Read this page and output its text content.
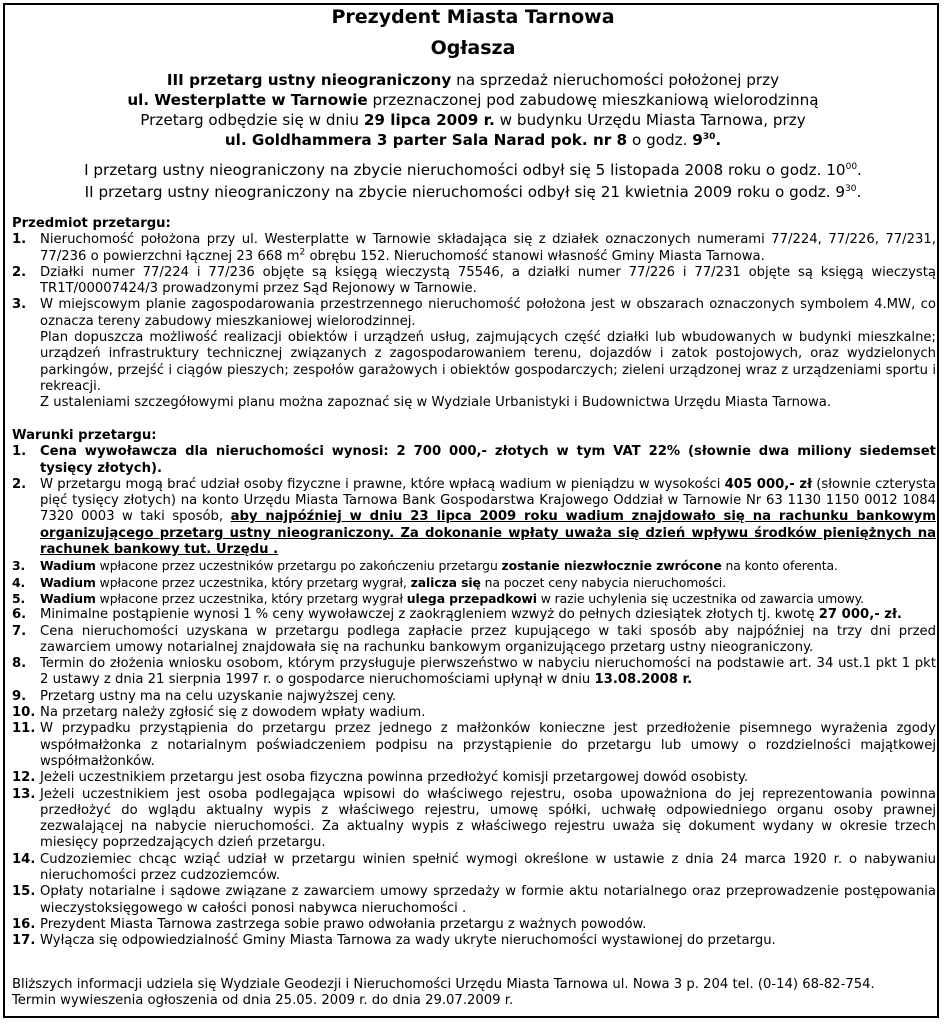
Prezydent Miasta Tarnowa
Ogłasza
III przetarg ustny nieograniczony na sprzedaż nieruchomości położonej przy
ul. Westerplatte w Tarnowie przeznaczonej pod zabudowę mieszkaniową wielorodzinną
Przetarg odbędzie się w dniu 29 lipca 2009 r. w budynku Urzędu Miasta Tarnowa, przy
ul. Goldhammera 3 parter Sala Narad pok. nr 8 o godz. $9^{30}$.
I przetarg ustny nieograniczony na zbycie nieruchomości odbył się 5 listopada 2008 roku o godz. $10^{00}$.
II przetarg ustny nieograniczony na zbycie nieruchomości odbył się 21 kwietnia 2009 roku o godz. $9^{30}$.
Przedmiot przetargu:
1. Nieruchomość położona przy ul. Westerplatte w Tarnowie składająca się z działek oznaczonych numerami 77/224, 77/226, 77/231, 77/236 o powierzchni łącznej 23 668 $m^2$ obrębu 152. Nieruchomość stanowi własność Gminy Miasta Tarnowa.
2. Działki numer 77/224 i 77/236 objęte są księgą wieczystą 75546, a działki numer 77/226 i 77/231 objęte są księgą wieczystą TR1T/00007424/3 prowadzonymi przez Sąd Rejonowy w Tarnowie.
3. W miejscowym planie zagospodarowania przestrzennego nieruchomość położona jest w obszarach oznaczonych symbolem 4.MW, co oznacza tereny zabudowy mieszkaniowej wielorodzinnej.

Plan dopuszcza możliwość realizacji obiektów i urządzeń usług, zajmujących część działki lub wbudowanych w budynki mieszkalne; urządzeń infrastruktury technicznej związanych z zagospodarowaniem terenu, dojazdów i zatok postojowych, oraz wydzielonych parkingów, przejść i ciągów pieszych; zespołów garażowych i obiektów gospodarczych; zieleni urządzonej wraz z urządzeniami sportu i rekreacji.

Z ustaleniami szczegółowymi planu można zapoznać się w Wydziale Urbanistyki i Budownictwa Urzędu Miasta Tarnowa.

Warunki przetargu:
1. Cena wywoławcza dla nieruchomości wynosi: 2 700 000,- złotych w tym VAT 22% (słownie dwa miliony siedemset tysięcy złotych).
2. W przetargu mogą brać udział osoby fizyczne i prawne, które wpłacą wadium w pieniądzu w wysokości 405 000,- zł (słownie czterysta pięć tysięcy złotych) na konto Urzędu Miasta Tarnowa Bank Gospodarstwa Krajowego Oddział w Tarnowie Nr 63 1130 1150 0012 1084 7320 0003 w taki sposób, aby najpóźniej w dniu 23 lipca 2009 roku wadium znajdowało się na rachunku bankowym organizującego przetarg ustny nieograniczony. Za dokonanie wpłaty uważa się dzień wpływu środków pieniężnych na rachunek bankowy tut. Urzędu .
3. Wadium wpłacone przez uczestników przetargu po zakończeniu przetargu zostanie niezwłocznie zwrócone na konto oferenta.
4. Wadium wpłacone przez uczestnika, który przetarg wygrał, zalicza się na poczet ceny nabycia nieruchomości.
5. Wadium wpłacone przez uczestnika, który przetarg wygrał ulega przepadkowi w razie uchylenia się uczestnika od zawarcia umowy.
6. Minimalne postąpienie wynosi 1 % ceny wywoławczej z zaokrągleniem wzwyż do pełnych dziesiątek złotych tj. kwotę 27 000,- zł.
7. Cena nieruchomości uzyskana w przetargu podlega zapłacie przez kupującego w taki sposób aby najpóźniej na trzy dni przed zawarciem umowy notarialnej znajdowała się na rachunku bankowym organizującego przetarg ustny nieograniczony.
8. Termin do złożenia wniosku osobom, którym przysługuje pierwszeństwo w nabyciu nieruchomości na podstawie art. 34 ust.1 pkt 1 pkt 2 ustawy z dnia 21 sierpnia 1997 r. o gospodarce nieruchomościami upłynął w dniu 13.08.2008 r.
9. Przetarg ustny ma na celu uzyskanie najwyższej ceny.
10. Na przetarg należy zgłosić się z dowodem wpłaty wadium.
11. W przypadku przystąpienia do przetargu przez jednego z małżonków konieczne jest przedłożenie pisemnego wyrażenia zgody współmałżonka z notarialnym poświadczeniem podpisu na przystąpienie do przetargu lub umowy o rozdzielności majątkowej współmałżonków.
12. Jeżeli uczestnikiem przetargu jest osoba fizyczna powinna przedłożyć komisji przetargowej dowód osobisty.
13. Jeżeli uczestnikiem jest osoba podlegająca wpisowi do właściwego rejestru, osoba upoważniona do jej reprezentowania powinna przedłożyć do wglądu aktualny wypis z właściwego rejestru, umowę spółki, uchwałę odpowiedniego organu osoby prawnej zezwalającej na nabycie nieruchomości. Za aktualny wypis z właściwego rejestru uważa się dokument wydany w okresie trzech miesięcy poprzedzających dzień przetargu.
14. Cudzoziemiec chcąc wziąć udział w przetargu winien spełnić wymogi określone w ustawie z dnia 24 marca 1920 r. o nabywaniu nieruchomości przez cudzoziemców.
15. Opłaty notarialne i sądowe związane z zawarciem umowy sprzedaży w formie aktu notarialnego oraz przeprowadzenie postępowania wieczystoksięgowego w całości ponosi nabywca nieruchomości .
16. Prezydent Miasta Tarnowa zastrzega sobie prawo odwołania przetargu z ważnych powodów.
17. Wyłącza się odpowiedzialność Gminy Miasta Tarnowa za wady ukryte nieruchomości wystawionej do przetargu.
Bliższych informacji udziela się Wydziale Geodezji i Nieruchomości Urzędu Miasta Tarnowa ul. Nowa 3 p. 204 tel. (0-14) 68-82-754.
Termin wywieszenia ogłoszenia od dnia 25.05. 2009 r. do dnia 29.07.2009 r.
